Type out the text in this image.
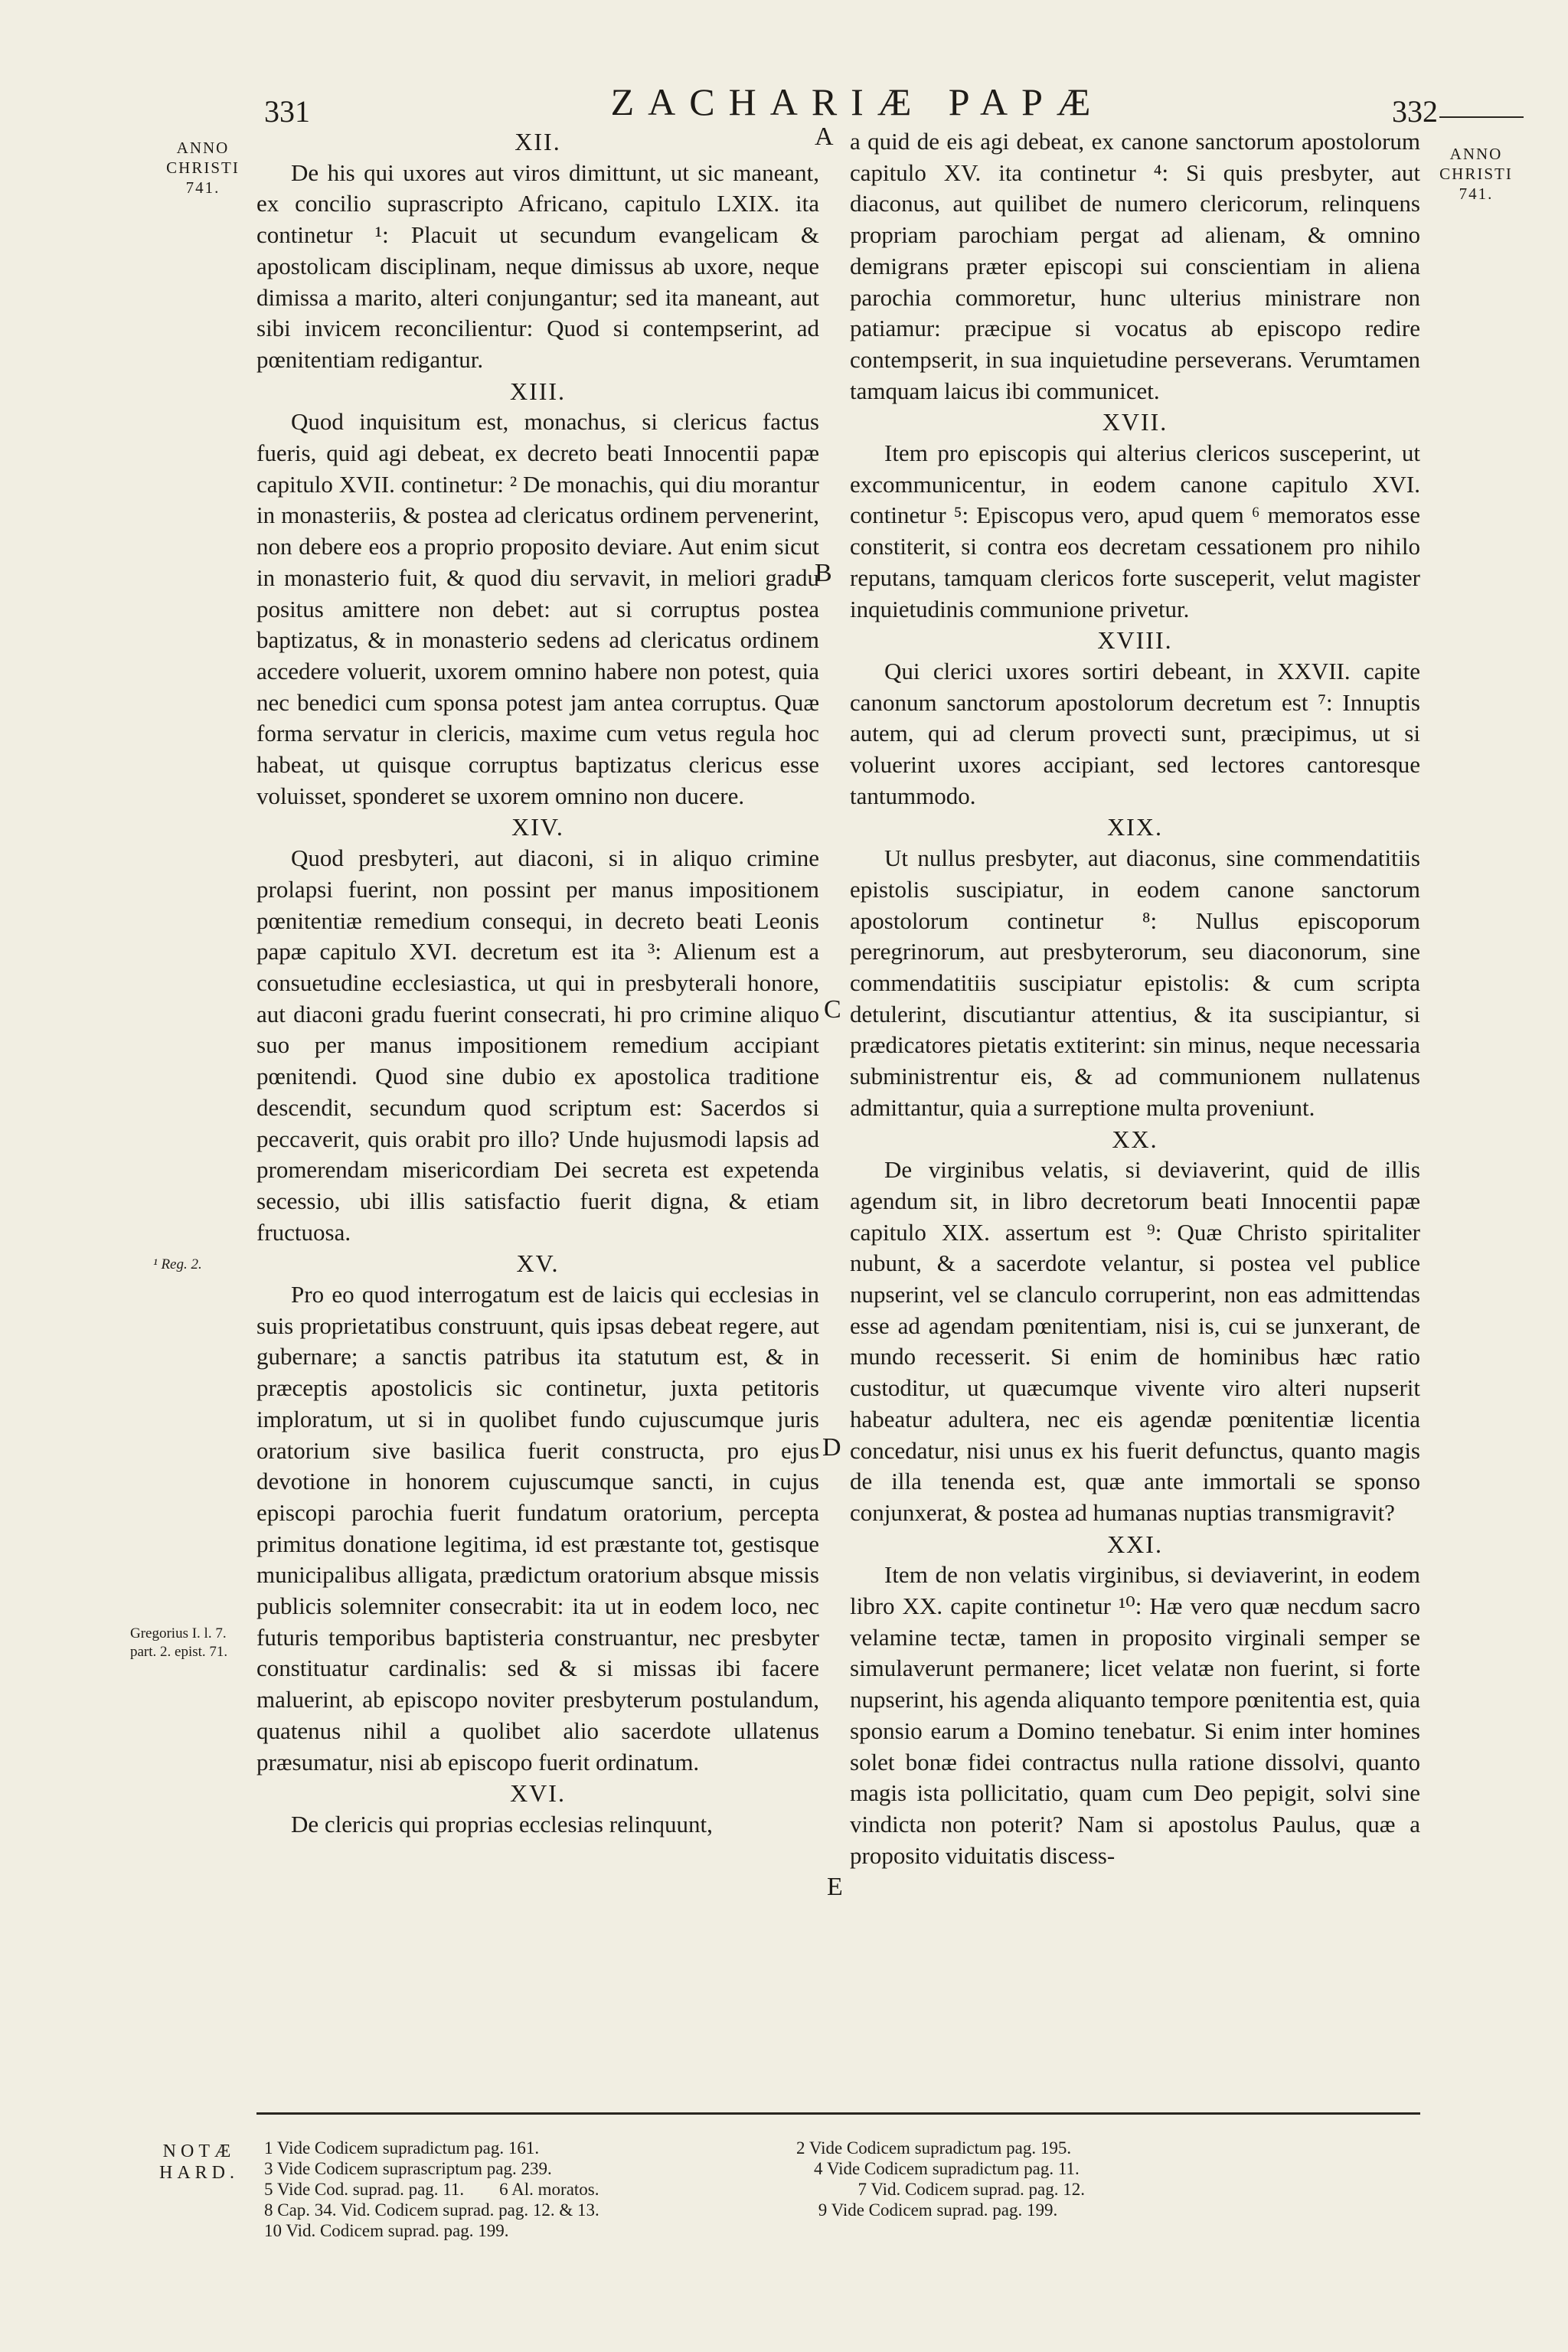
331	ZACHARIÆ PAPÆ	332
ANNO CHRISTI 741.
ANNO CHRISTI 741.
¹ Reg. 2.
Gregorius I. l. 7. part. 2. epist. 71.
A
B
C
D
E

XII.

De his qui uxores aut viros dimittunt, ut sic maneant, ex concilio suprascripto Africano, capitulo LXIX. ita continetur ¹: Placuit ut secundum evangelicam & apostolicam disciplinam, neque dimissus ab uxore, neque dimissa a marito, alteri conjungantur; sed ita maneant, aut sibi invicem reconcilientur: Quod si contempserint, ad pœnitentiam redigantur.

XIII.

Quod inquisitum est, monachus, si clericus factus fueris, quid agi debeat, ex decreto beati Innocentii papæ capitulo XVII. continetur: ² De monachis, qui diu morantur in monasteriis, & postea ad clericatus ordinem pervenerint, non debere eos a proprio proposito deviare. Aut enim sicut in monasterio fuit, & quod diu servavit, in meliori gradu positus amittere non debet: aut si corruptus postea baptizatus, & in monasterio sedens ad clericatus ordinem accedere voluerit, uxorem omnino habere non potest, quia nec benedici cum sponsa potest jam antea corruptus. Quæ forma servatur in clericis, maxime cum vetus regula hoc habeat, ut quisque corruptus baptizatus clericus esse voluisset, sponderet se uxorem omnino non ducere.

XIV.

Quod presbyteri, aut diaconi, si in aliquo crimine prolapsi fuerint, non possint per manus impositionem pœnitentiæ remedium consequi, in decreto beati Leonis papæ capitulo XVI. decretum est ita ³: Alienum est a consuetudine ecclesiastica, ut qui in presbyterali honore, aut diaconi gradu fuerint consecrati, hi pro crimine aliquo suo per manus impositionem remedium accipiant pœnitendi. Quod sine dubio ex apostolica traditione descendit, secundum quod scriptum est: Sacerdos si peccaverit, quis orabit pro illo? Unde hujusmodi lapsis ad promerendam misericordiam Dei secreta est expetenda secessio, ubi illis satisfactio fuerit digna, & etiam fructuosa.

XV.

Pro eo quod interrogatum est de laicis qui ecclesias in suis proprietatibus construunt, quis ipsas debeat regere, aut gubernare; a sanctis patribus ita statutum est, & in præceptis apostolicis sic continetur, juxta petitoris imploratum, ut si in quolibet fundo cujuscumque juris oratorium sive basilica fuerit constructa, pro ejus devotione in honorem cujuscumque sancti, in cujus episcopi parochia fuerit fundatum oratorium, percepta primitus donatione legitima, id est præstante tot, gestisque municipalibus alligata, prædictum oratorium absque missis publicis solemniter consecrabit: ita ut in eodem loco, nec futuris temporibus baptisteria construantur, nec presbyter constituatur cardinalis: sed & si missas ibi facere maluerint, ab episcopo noviter presbyterum postulandum, quatenus nihil a quolibet alio sacerdote ullatenus præsumatur, nisi ab episcopo fuerit ordinatum.

XVI.

De clericis qui proprias ecclesias relinquunt,

a quid de eis agi debeat, ex canone sanctorum apostolorum capitulo XV. ita continetur ⁴: Si quis presbyter, aut diaconus, aut quilibet de numero clericorum, relinquens propriam parochiam pergat ad alienam, & omnino demigrans præter episcopi sui conscientiam in aliena parochia commoretur, hunc ulterius ministrare non patiamur: præcipue si vocatus ab episcopo redire contempserit, in sua inquietudine perseverans. Verumtamen tamquam laicus ibi communicet.

XVII.

Item pro episcopis qui alterius clericos susceperint, ut excommunicentur, in eodem canone capitulo XVI. continetur ⁵: Episcopus vero, apud quem ⁶ memoratos esse constiterit, si contra eos decretam cessationem pro nihilo reputans, tamquam clericos forte susceperit, velut magister inquietudinis communione privetur.

XVIII.

Qui clerici uxores sortiri debeant, in XXVII. capite canonum sanctorum apostolorum decretum est ⁷: Innuptis autem, qui ad clerum provecti sunt, præcipimus, ut si voluerint uxores accipiant, sed lectores cantoresque tantummodo.

XIX.

Ut nullus presbyter, aut diaconus, sine commendatitiis epistolis suscipiatur, in eodem canone sanctorum apostolorum continetur ⁸: Nullus episcoporum peregrinorum, aut presbyterorum, seu diaconorum, sine commendatitiis suscipiatur epistolis: & cum scripta detulerint, discutiantur attentius, & ita suscipiantur, si prædicatores pietatis extiterint: sin minus, neque necessaria subministrentur eis, & ad communionem nullatenus admittantur, quia a surreptione multa proveniunt.

XX.

De virginibus velatis, si deviaverint, quid de illis agendum sit, in libro decretorum beati Innocentii papæ capitulo XIX. assertum est ⁹: Quæ Christo spiritaliter nubunt, & a sacerdote velantur, si postea vel publice nupserint, vel se clanculo corruperint, non eas admittendas esse ad agendam pœnitentiam, nisi is, cui se junxerant, de mundo recesserit. Si enim de hominibus hæc ratio custoditur, ut quæcumque vivente viro alteri nupserit habeatur adultera, nec eis agendæ pœnitentiæ licentia concedatur, nisi unus ex his fuerit defunctus, quanto magis de illa tenenda est, quæ ante immortali se sponso conjunxerat, & postea ad humanas nuptias transmigravit?

XXI.

Item de non velatis virginibus, si deviaverint, in eodem libro XX. capite continetur ¹⁰: Hæ vero quæ necdum sacro velamine tectæ, tamen in proposito virginali semper se simulaverunt permanere; licet velatæ non fuerint, si forte nupserint, his agenda aliquanto tempore pœnitentia est, quia sponsio earum a Domino tenebatur. Si enim inter homines solet bonæ fidei contractus nulla ratione dissolvi, quanto magis ista pollicitatio, quam cum Deo pepigit, solvi sine vindicta non poterit? Nam si apostolus Paulus, quæ a proposito viduitatis discess-

NOTÆ HARD.
1 Vide Codicem supradictum pag. 161.
3 Vide Codicem suprascriptum pag. 239.
5 Vide Cod. suprad. pag. 11.        6 Al. moratos.
8 Cap. 34. Vid. Codicem suprad. pag. 12. & 13.
10 Vid. Codicem suprad. pag. 199.
2 Vide Codicem supradictum pag. 195.
4 Vide Codicem supradictum pag. 11.
7 Vid. Codicem suprad. pag. 12.
9 Vide Codicem suprad. pag. 199.
